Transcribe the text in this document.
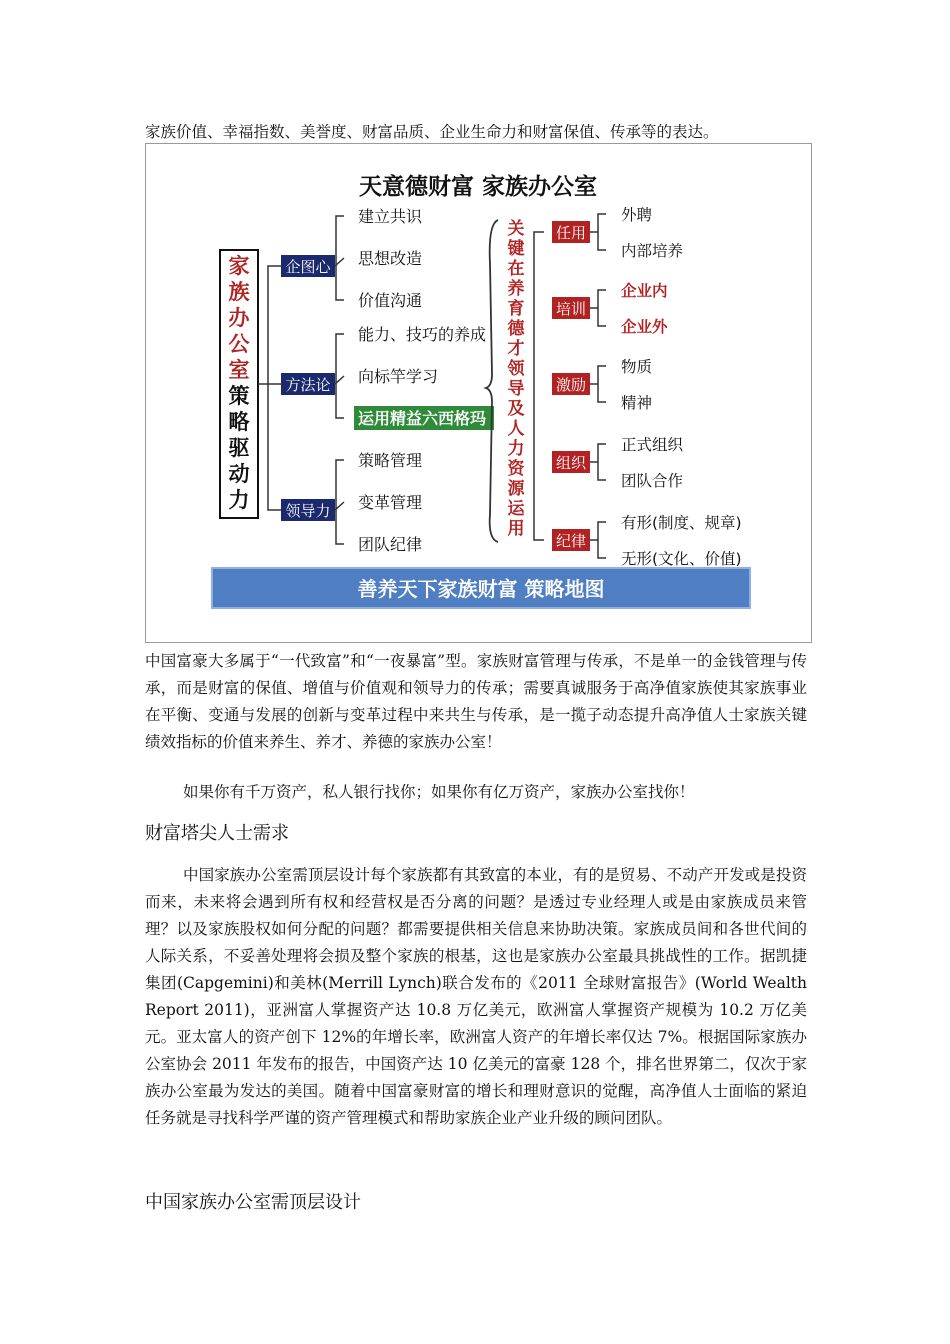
家族价值、幸福指数、美誉度、财富品质、企业生命力和财富保值、传承等的表达。

天意德财富 家族办公室
家
族
办
公
室
策
略
驱
动
力
企图心
建立共识
思想改造
价值沟通
方法论
能力、技巧的养成
向标竿学习
运用精益六西格玛
领导力
策略管理
变革管理
团队纪律
关
键
在
养
育
德
才
领
导
及
人
力
资
源
运
用
任用
外聘
内部培养
培训
企业内
企业外
激励
物质
精神
组织
正式组织
团队合作
纪律
有形(制度、规章)
无形(文化、价值)
善养天下家族财富 策略地图

中国富豪大多属于“一代致富”和“一夜暴富”型。家族财富管理与传承，不是单一的金钱管理与传承，而是财富的保值、增值与价值观和领导力的传承；需要真诚服务于高净值家族使其家族事业在平衡、变通与发展的创新与变革过程中来共生与传承，是一揽子动态提升高净值人士家族关键绩效指标的价值来养生、养才、养德的家族办公室！

如果你有千万资产，私人银行找你；如果你有亿万资产，家族办公室找你！

财富塔尖人士需求

中国家族办公室需顶层设计每个家族都有其致富的本业，有的是贸易、不动产开发或是投资而来，未来将会遇到所有权和经营权是否分离的问题？是透过专业经理人或是由家族成员来管理？以及家族股权如何分配的问题？都需要提供相关信息来协助决策。家族成员间和各世代间的人际关系，不妥善处理将会损及整个家族的根基，这也是家族办公室最具挑战性的工作。据凯捷集团(Capgemini)和美林(Merrill Lynch)联合发布的《2011 全球财富报告》(World Wealth Report 2011)，亚洲富人掌握资产达 10.8 万亿美元，欧洲富人掌握资产规模为 10.2 万亿美元。亚太富人的资产创下 12%的年增长率，欧洲富人资产的年增长率仅达 7%。根据国际家族办公室协会 2011 年发布的报告，中国资产达 10 亿美元的富豪 128 个，排名世界第二，仅次于家族办公室最为发达的美国。随着中国富豪财富的增长和理财意识的觉醒，高净值人士面临的紧迫任务就是寻找科学严谨的资产管理模式和帮助家族企业产业升级的顾问团队。

中国家族办公室需顶层设计
